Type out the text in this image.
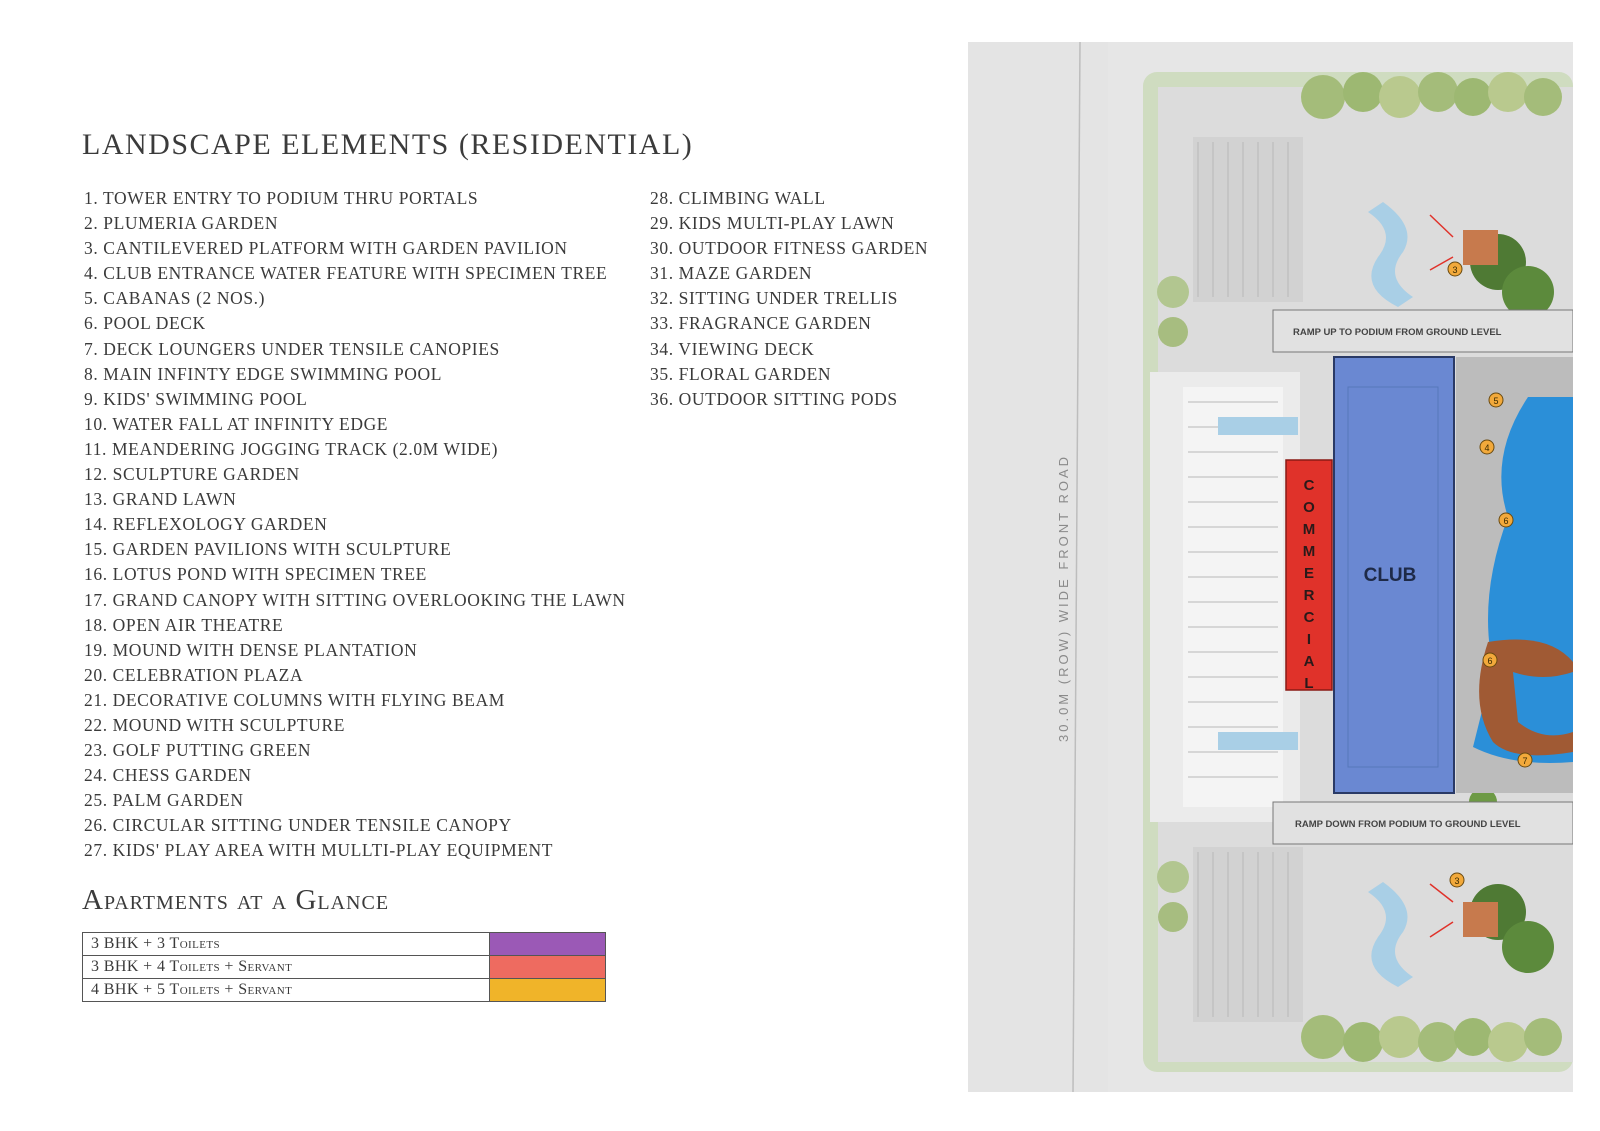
LANDSCAPE ELEMENTS (RESIDENTIAL)
1. TOWER ENTRY TO PODIUM THRU PORTALS
2. PLUMERIA GARDEN
3. CANTILEVERED PLATFORM WITH GARDEN PAVILION
4. CLUB ENTRANCE WATER FEATURE WITH SPECIMEN TREE
5. CABANAS (2 NOS.)
6. POOL DECK
7. DECK LOUNGERS UNDER TENSILE CANOPIES
8. MAIN INFINTY EDGE SWIMMING POOL
9. KIDS' SWIMMING POOL
10. WATER FALL AT INFINITY EDGE
11. MEANDERING JOGGING TRACK (2.0M WIDE)
12. SCULPTURE GARDEN
13. GRAND LAWN
14. REFLEXOLOGY GARDEN
15. GARDEN PAVILIONS WITH SCULPTURE
16. LOTUS POND WITH SPECIMEN TREE
17. GRAND CANOPY WITH SITTING OVERLOOKING THE LAWN
18. OPEN AIR THEATRE
19. MOUND WITH DENSE PLANTATION
20. CELEBRATION PLAZA
21. DECORATIVE COLUMNS WITH FLYING BEAM
22. MOUND WITH SCULPTURE
23. GOLF PUTTING GREEN
24. CHESS GARDEN
25. PALM GARDEN
26. CIRCULAR SITTING UNDER TENSILE CANOPY
27. KIDS' PLAY AREA WITH MULLTI-PLAY EQUIPMENT
28. CLIMBING WALL
29. KIDS MULTI-PLAY LAWN
30. OUTDOOR FITNESS GARDEN
31. MAZE GARDEN
32. SITTING UNDER TRELLIS
33. FRAGRANCE GARDEN
34. VIEWING DECK
35. FLORAL GARDEN
36. OUTDOOR SITTING PODS
Apartments at a Glance
3 BHK + 3 Toilets	
3 BHK + 4 Toilets + Servant	
4 BHK + 5 Toilets + Servant	
30.0M (ROW) WIDE FRONT ROAD
RAMP UP TO PODIUM FROM GROUND LEVEL
RAMP DOWN FROM PODIUM TO GROUND LEVEL
C
O
M
M
E
R
C
I
A
L
CLUB
3
5
4
6
6
7
3
